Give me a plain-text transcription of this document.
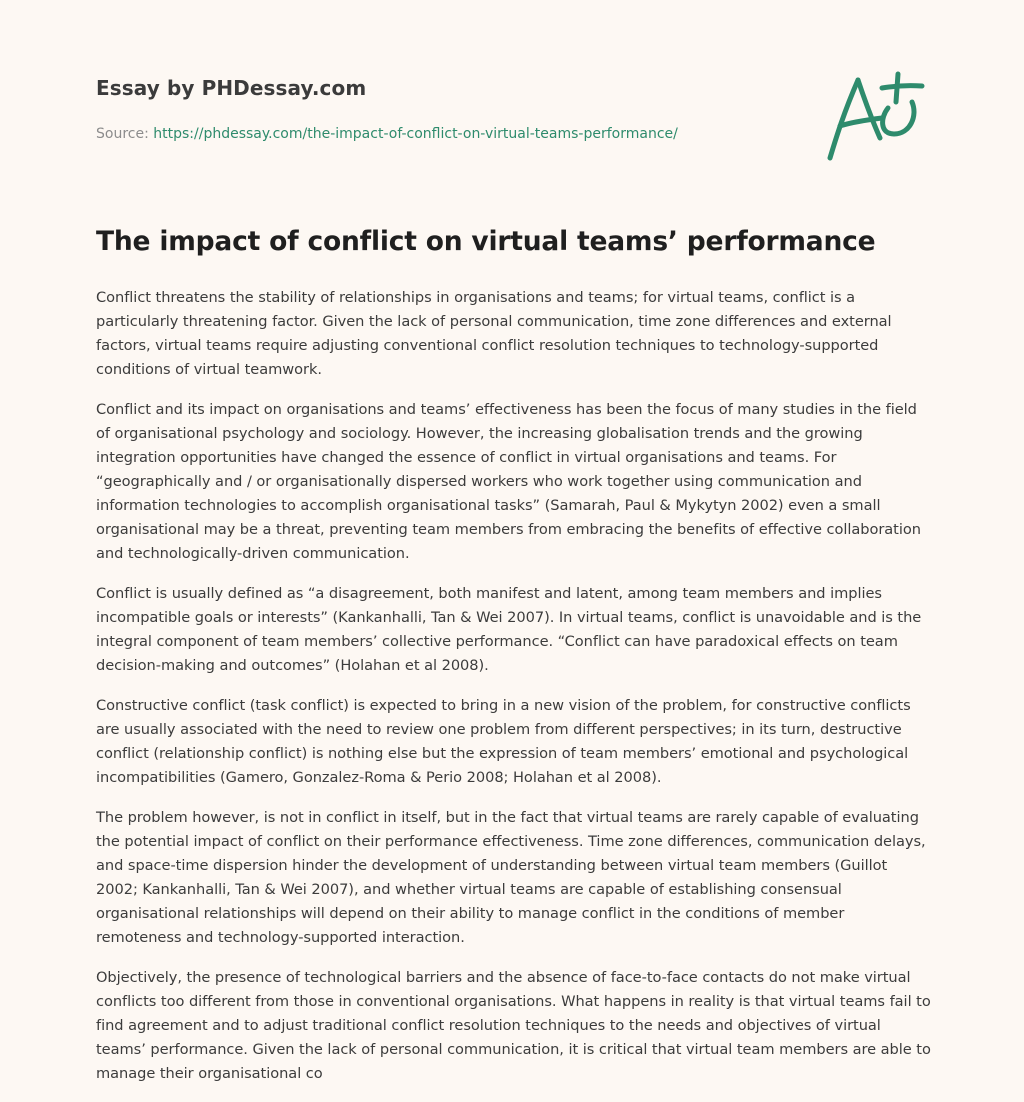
Essay by PHDessay.com
Source: https://phdessay.com/the-impact-of-conflict-on-virtual-teams-performance/
The impact of conflict on virtual teams’ performance

Conflict threatens the stability of relationships in organisations and teams; for virtual teams, conflict is a particularly threatening factor. Given the lack of personal communication, time zone differences and external factors, virtual teams require adjusting conventional conflict resolution techniques to technology-supported conditions of virtual teamwork.

Conflict and its impact on organisations and teams’ effectiveness has been the focus of many studies in the field of organisational psychology and sociology. However, the increasing globalisation trends and the growing integration opportunities have changed the essence of conflict in virtual organisations and teams. For “geographically and / or organisationally dispersed workers who work together using communication and information technologies to accomplish organisational tasks” (Samarah, Paul & Mykytyn 2002) even a small organisational may be a threat, preventing team members from embracing the benefits of effective collaboration and technologically-driven communication.

Conflict is usually defined as “a disagreement, both manifest and latent, among team members and implies incompatible goals or interests” (Kankanhalli, Tan & Wei 2007). In virtual teams, conflict is unavoidable and is the integral component of team members’ collective performance. “Conflict can have paradoxical effects on team decision-making and outcomes” (Holahan et al 2008).

Constructive conflict (task conflict) is expected to bring in a new vision of the problem, for constructive conflicts are usually associated with the need to review one problem from different perspectives; in its turn, destructive conflict (relationship conflict) is nothing else but the expression of team members’ emotional and psychological incompatibilities (Gamero, Gonzalez-Roma & Perio 2008; Holahan et al 2008).

The problem however, is not in conflict in itself, but in the fact that virtual teams are rarely capable of evaluating the potential impact of conflict on their performance effectiveness. Time zone differences, communication delays, and space-time dispersion hinder the development of understanding between virtual team members (Guillot 2002; Kankanhalli, Tan & Wei 2007), and whether virtual teams are capable of establishing consensual organisational relationships will depend on their ability to manage conflict in the conditions of member remoteness and technology-supported interaction.

Objectively, the presence of technological barriers and the absence of face-to-face contacts do not make virtual conflicts too different from those in conventional organisations. What happens in reality is that virtual teams fail to find agreement and to adjust traditional conflict resolution techniques to the needs and objectives of virtual teams’ performance. Given the lack of personal communication, it is critical that virtual team members are able to manage their organisational co
